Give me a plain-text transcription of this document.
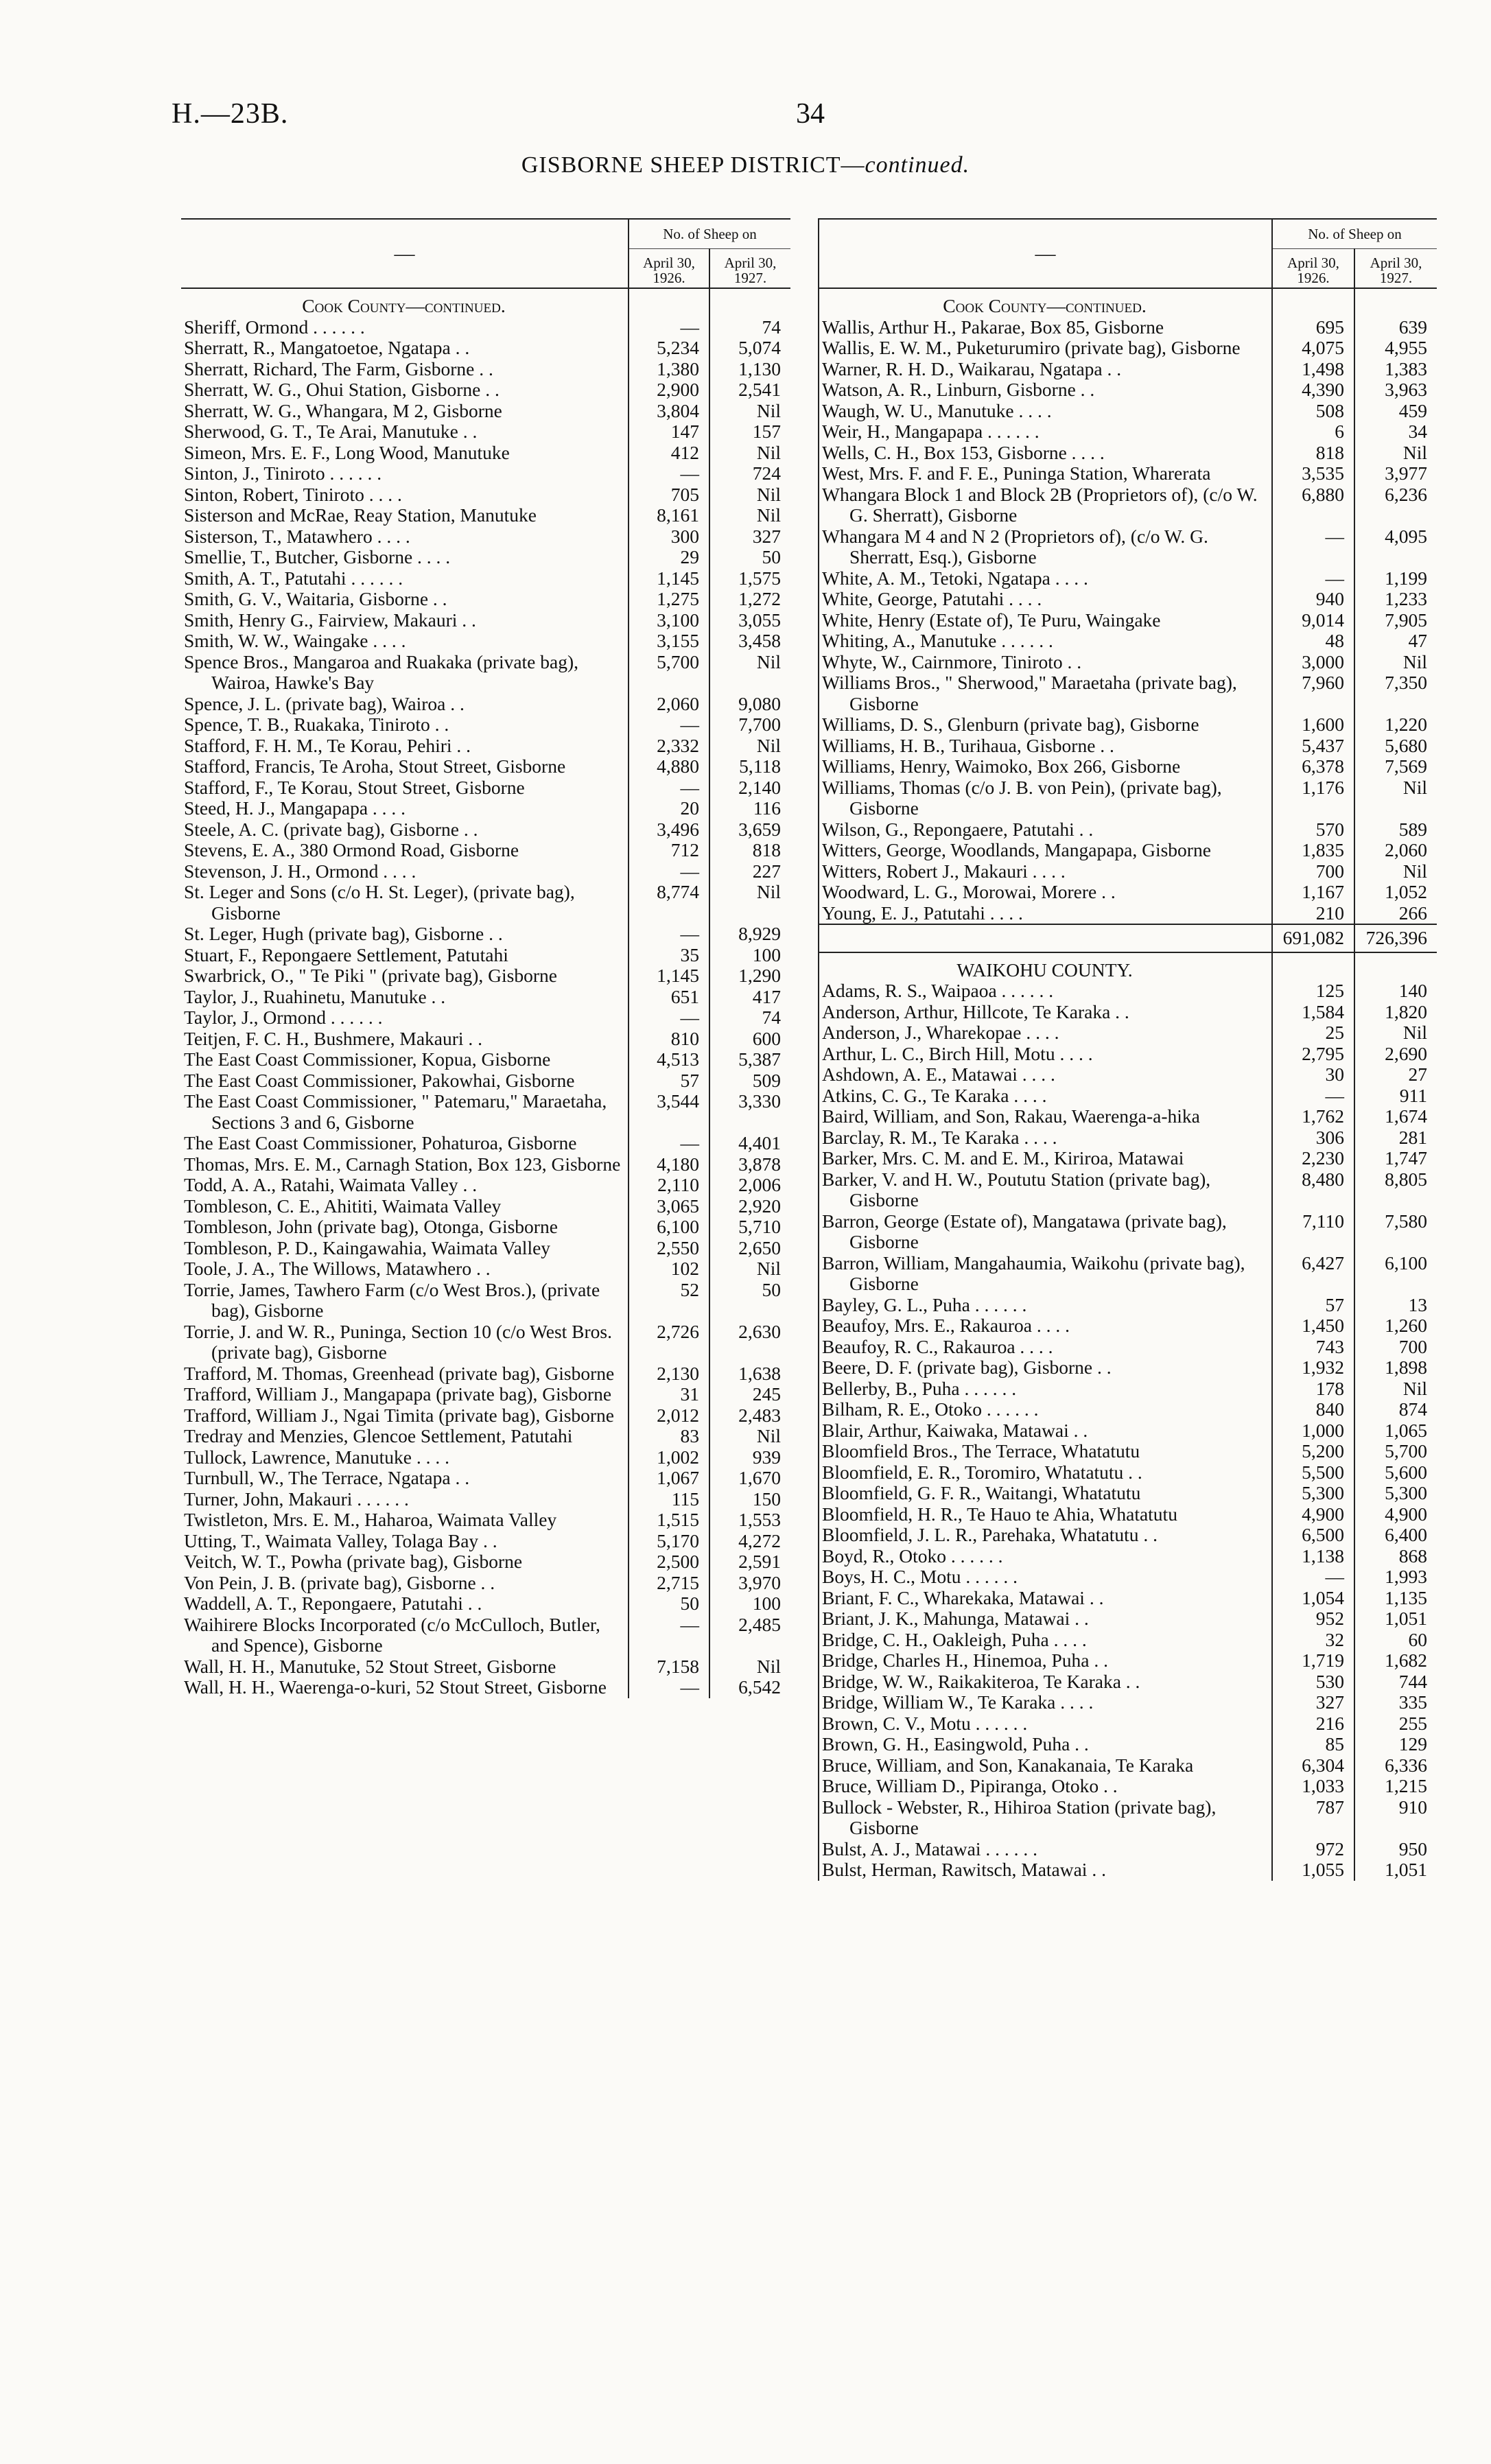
H.—23B.	34
GISBORNE SHEEP DISTRICT—continued.
—	No. of Sheep on	
	April 30, 1926.	April 30, 1927.

Cook County—continued.		

Sheriff, Ormond . . . . . .	—	74

Sherratt, R., Mangatoetoe, Ngatapa . .	5,234	5,074

Sherratt, Richard, The Farm, Gisborne . .	1,380	1,130

Sherratt, W. G., Ohui Station, Gisborne . .	2,900	2,541

Sherratt, W. G., Whangara, M 2, Gisborne	3,804	Nil

Sherwood, G. T., Te Arai, Manutuke . .	147	157

Simeon, Mrs. E. F., Long Wood, Manutuke	412	Nil

Sinton, J., Tiniroto . . . . . .	—	724

Sinton, Robert, Tiniroto . . . .	705	Nil

Sisterson and McRae, Reay Station, Manutuke	8,161	Nil

Sisterson, T., Matawhero . . . .	300	327

Smellie, T., Butcher, Gisborne . . . .	29	50

Smith, A. T., Patutahi . . . . . .	1,145	1,575

Smith, G. V., Waitaria, Gisborne . .	1,275	1,272

Smith, Henry G., Fairview, Makauri . .	3,100	3,055

Smith, W. W., Waingake . . . .	3,155	3,458

Spence Bros., Mangaroa and Ruakaka (private bag), Wairoa, Hawke's Bay	5,700	Nil

Spence, J. L. (private bag), Wairoa . .	2,060	9,080

Spence, T. B., Ruakaka, Tiniroto . .	—	7,700

Stafford, F. H. M., Te Korau, Pehiri . .	2,332	Nil

Stafford, Francis, Te Aroha, Stout Street, Gisborne	4,880	5,118

Stafford, F., Te Korau, Stout Street, Gisborne	—	2,140

Steed, H. J., Mangapapa . . . .	20	116

Steele, A. C. (private bag), Gisborne . .	3,496	3,659

Stevens, E. A., 380 Ormond Road, Gisborne	712	818

Stevenson, J. H., Ormond . . . .	—	227

St. Leger and Sons (c/o H. St. Leger), (private bag), Gisborne	8,774	Nil

St. Leger, Hugh (private bag), Gisborne . .	—	8,929

Stuart, F., Repongaere Settlement, Patutahi	35	100

Swarbrick, O., " Te Piki " (private bag), Gisborne	1,145	1,290

Taylor, J., Ruahinetu, Manutuke . .	651	417

Taylor, J., Ormond . . . . . .	—	74

Teitjen, F. C. H., Bushmere, Makauri . .	810	600

The East Coast Commissioner, Kopua, Gisborne	4,513	5,387

The East Coast Commissioner, Pakowhai, Gisborne	57	509

The East Coast Commissioner, " Patemaru," Maraetaha, Sections 3 and 6, Gisborne	3,544	3,330

The East Coast Commissioner, Pohaturoa, Gisborne	—	4,401

Thomas, Mrs. E. M., Carnagh Station, Box 123, Gisborne	4,180	3,878

Todd, A. A., Ratahi, Waimata Valley . .	2,110	2,006

Tombleson, C. E., Ahititi, Waimata Valley	3,065	2,920

Tombleson, John (private bag), Otonga, Gisborne	6,100	5,710

Tombleson, P. D., Kaingawahia, Waimata Valley	2,550	2,650

Toole, J. A., The Willows, Matawhero . .	102	Nil

Torrie, James, Tawhero Farm (c/o West Bros.), (private bag), Gisborne	52	50

Torrie, J. and W. R., Puninga, Section 10 (c/o West Bros. (private bag), Gisborne	2,726	2,630

Trafford, M. Thomas, Greenhead (private bag), Gisborne	2,130	1,638

Trafford, William J., Mangapapa (private bag), Gisborne	31	245

Trafford, William J., Ngai Timita (private bag), Gisborne	2,012	2,483

Tredray and Menzies, Glencoe Settlement, Patutahi	83	Nil

Tullock, Lawrence, Manutuke . . . .	1,002	939

Turnbull, W., The Terrace, Ngatapa . .	1,067	1,670

Turner, John, Makauri . . . . . .	115	150

Twistleton, Mrs. E. M., Haharoa, Waimata Valley	1,515	1,553

Utting, T., Waimata Valley, Tolaga Bay . .	5,170	4,272

Veitch, W. T., Powha (private bag), Gisborne	2,500	2,591

Von Pein, J. B. (private bag), Gisborne . .	2,715	3,970

Waddell, A. T., Repongaere, Patutahi . .	50	100

Waihirere Blocks Incorporated (c/o McCulloch, Butler, and Spence), Gisborne	—	2,485

Wall, H. H., Manutuke, 52 Stout Street, Gisborne	7,158	Nil

Wall, H. H., Waerenga-o-kuri, 52 Stout Street, Gisborne	—	6,542
—	No. of Sheep on	
	April 30, 1926.	April 30, 1927.

Cook County—continued.		

Wallis, Arthur H., Pakarae, Box 85, Gisborne	695	639

Wallis, E. W. M., Puketurumiro (private bag), Gisborne	4,075	4,955

Warner, R. H. D., Waikarau, Ngatapa . .	1,498	1,383

Watson, A. R., Linburn, Gisborne . .	4,390	3,963

Waugh, W. U., Manutuke . . . .	508	459

Weir, H., Mangapapa . . . . . .	6	34

Wells, C. H., Box 153, Gisborne . . . .	818	Nil

West, Mrs. F. and F. E., Puninga Station, Wharerata	3,535	3,977

Whangara Block 1 and Block 2B (Proprietors of), (c/o W. G. Sherratt), Gisborne	6,880	6,236

Whangara M 4 and N 2 (Proprietors of), (c/o W. G. Sherratt, Esq.), Gisborne	—	4,095

White, A. M., Tetoki, Ngatapa . . . .	—	1,199

White, George, Patutahi . . . .	940	1,233

White, Henry (Estate of), Te Puru, Waingake	9,014	7,905

Whiting, A., Manutuke . . . . . .	48	47

Whyte, W., Cairnmore, Tiniroto . .	3,000	Nil

Williams Bros., " Sherwood," Maraetaha (private bag), Gisborne	7,960	7,350

Williams, D. S., Glenburn (private bag), Gisborne	1,600	1,220

Williams, H. B., Turihaua, Gisborne . .	5,437	5,680

Williams, Henry, Waimoko, Box 266, Gisborne	6,378	7,569

Williams, Thomas (c/o J. B. von Pein), (private bag), Gisborne	1,176	Nil

Wilson, G., Repongaere, Patutahi . .	570	589

Witters, George, Woodlands, Mangapapa, Gisborne	1,835	2,060

Witters, Robert J., Makauri . . . .	700	Nil

Woodward, L. G., Morowai, Morere . .	1,167	1,052

Young, E. J., Patutahi . . . .	210	266

	691,082	726,396

WAIKOHU COUNTY.		

Adams, R. S., Waipaoa . . . . . .	125	140

Anderson, Arthur, Hillcote, Te Karaka . .	1,584	1,820

Anderson, J., Wharekopae . . . .	25	Nil

Arthur, L. C., Birch Hill, Motu . . . .	2,795	2,690

Ashdown, A. E., Matawai . . . .	30	27

Atkins, C. G., Te Karaka . . . .	—	911

Baird, William, and Son, Rakau, Waerenga-a-hika	1,762	1,674

Barclay, R. M., Te Karaka . . . .	306	281

Barker, Mrs. C. M. and E. M., Kiriroa, Matawai	2,230	1,747

Barker, V. and H. W., Poututu Station (private bag), Gisborne	8,480	8,805

Barron, George (Estate of), Mangatawa (private bag), Gisborne	7,110	7,580

Barron, William, Mangahaumia, Waikohu (private bag), Gisborne	6,427	6,100

Bayley, G. L., Puha . . . . . .	57	13

Beaufoy, Mrs. E., Rakauroa . . . .	1,450	1,260

Beaufoy, R. C., Rakauroa . . . .	743	700

Beere, D. F. (private bag), Gisborne . .	1,932	1,898

Bellerby, B., Puha . . . . . .	178	Nil

Bilham, R. E., Otoko . . . . . .	840	874

Blair, Arthur, Kaiwaka, Matawai . .	1,000	1,065

Bloomfield Bros., The Terrace, Whatatutu	5,200	5,700

Bloomfield, E. R., Toromiro, Whatatutu . .	5,500	5,600

Bloomfield, G. F. R., Waitangi, Whatatutu	5,300	5,300

Bloomfield, H. R., Te Hauo te Ahia, Whatatutu	4,900	4,900

Bloomfield, J. L. R., Parehaka, Whatatutu . .	6,500	6,400

Boyd, R., Otoko . . . . . .	1,138	868

Boys, H. C., Motu . . . . . .	—	1,993

Briant, F. C., Wharekaka, Matawai . .	1,054	1,135

Briant, J. K., Mahunga, Matawai . .	952	1,051

Bridge, C. H., Oakleigh, Puha . . . .	32	60

Bridge, Charles H., Hinemoa, Puha . .	1,719	1,682

Bridge, W. W., Raikakiteroa, Te Karaka . .	530	744

Bridge, William W., Te Karaka . . . .	327	335

Brown, C. V., Motu . . . . . .	216	255

Brown, G. H., Easingwold, Puha . .	85	129

Bruce, William, and Son, Kanakanaia, Te Karaka	6,304	6,336

Bruce, William D., Pipiranga, Otoko . .	1,033	1,215

Bullock - Webster, R., Hihiroa Station (private bag), Gisborne	787	910

Bulst, A. J., Matawai . . . . . .	972	950

Bulst, Herman, Rawitsch, Matawai . .	1,055	1,051
